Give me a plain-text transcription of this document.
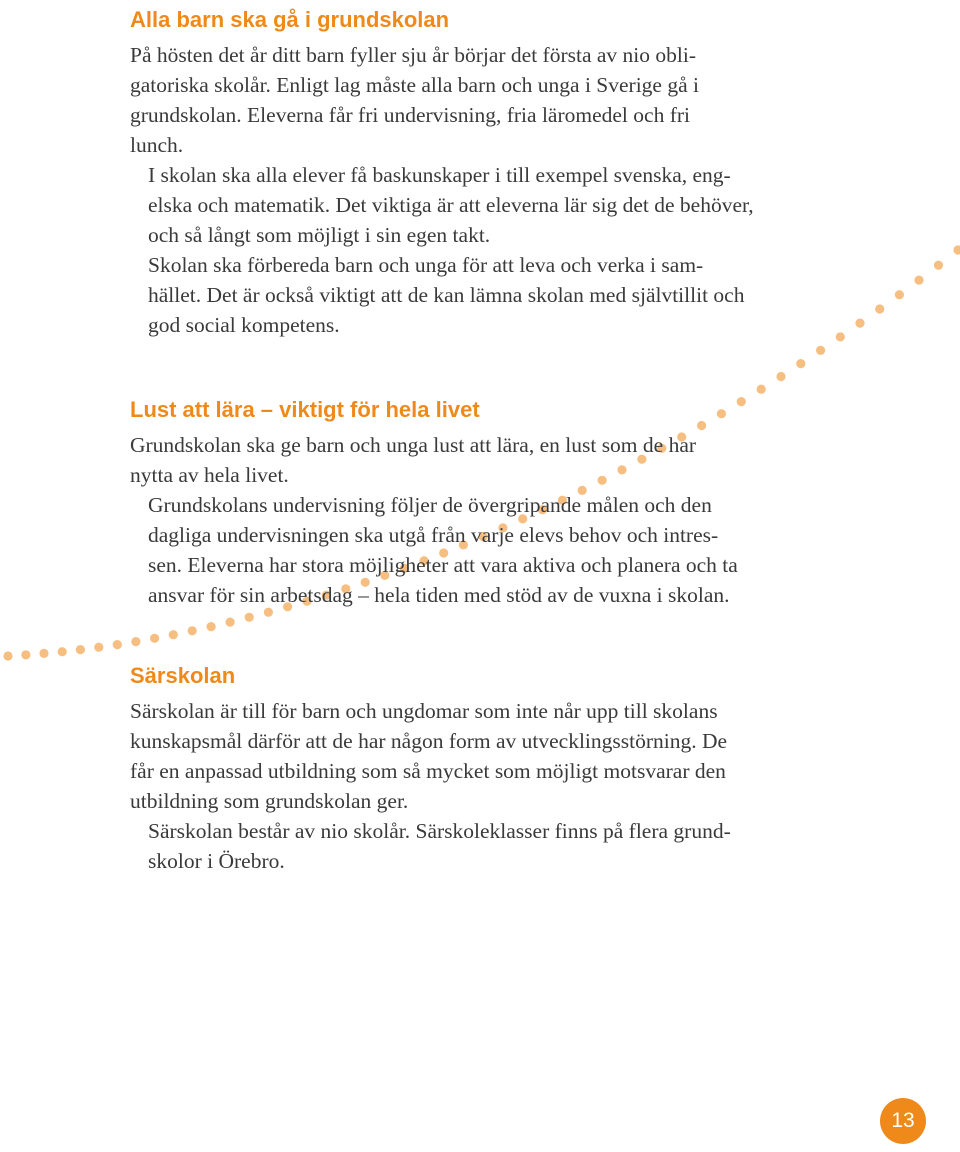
Alla barn ska gå i grundskolan

På hösten det år ditt barn fyller sju år börjar det första av nio obli-
gatoriska skolår. Enligt lag måste alla barn och unga i Sverige gå i
grundskolan. Eleverna får fri undervisning, fria läromedel och fri
lunch.

I skolan ska alla elever få baskunskaper i till exempel svenska, eng-
elska och matematik. Det viktiga är att eleverna lär sig det de behöver,
och så långt som möjligt i sin egen takt.

Skolan ska förbereda barn och unga för att leva och verka i sam-
hället. Det är också viktigt att de kan lämna skolan med självtillit och
god social kompetens.

Lust att lära – viktigt för hela livet

Grundskolan ska ge barn och unga lust att lära, en lust som de har
nytta av hela livet.

Grundskolans undervisning följer de övergripande målen och den
dagliga undervisningen ska utgå från varje elevs behov och intres-
sen. Eleverna har stora möjligheter att vara aktiva och planera och ta
ansvar för sin arbetsdag – hela tiden med stöd av de vuxna i skolan.

Särskolan

Särskolan är till för barn och ungdomar som inte når upp till skolans
kunskapsmål därför att de har någon form av utvecklingsstörning. De
får en anpassad utbildning som så mycket som möjligt motsvarar den
utbildning som grundskolan ger.

Särskolan består av nio skolår. Särskoleklasser finns på flera grund-
skolor i Örebro.

13
